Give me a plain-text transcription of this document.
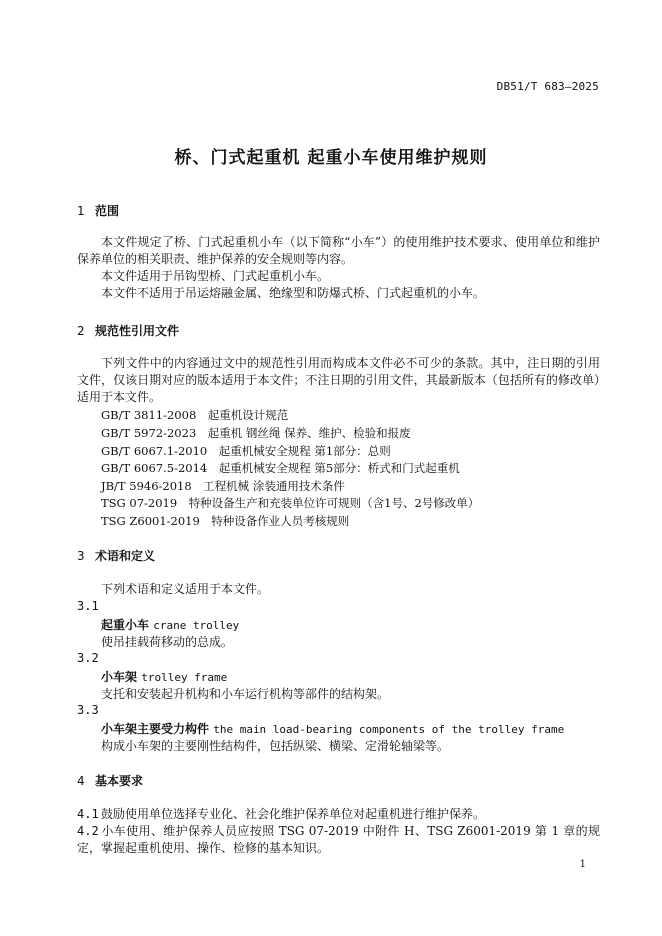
DB51/T 683—2025
桥、门式起重机 起重小车使用维护规则
1 范围

本文件规定了桥、门式起重机小车（以下简称“小车”）的使用维护技术要求、使用单位和维护保养单位的相关职责、维护保养的安全规则等内容。

本文件适用于吊钩型桥、门式起重机小车。

本文件不适用于吊运熔融金属、绝缘型和防爆式桥、门式起重机的小车。

2 规范性引用文件

下列文件中的内容通过文中的规范性引用而构成本文件必不可少的条款。其中，注日期的引用文件，仅该日期对应的版本适用于本文件；不注日期的引用文件，其最新版本（包括所有的修改单）适用于本文件。

GB/T 3811-2008　起重机设计规范
GB/T 5972-2023　起重机 钢丝绳 保养、维护、检验和报废
GB/T 6067.1-2010　起重机械安全规程 第1部分：总则
GB/T 6067.5-2014　起重机械安全规程 第5部分：桥式和门式起重机
JB/T 5946-2018　工程机械 涂装通用技术条件
TSG 07-2019　特种设备生产和充装单位许可规则（含1号、2号修改单）
TSG Z6001-2019　特种设备作业人员考核规则
3 术语和定义
下列术语和定义适用于本文件。
3.1
起重小车 crane trolley
使吊挂载荷移动的总成。
3.2
小车架 trolley frame
支托和安装起升机构和小车运行机构等部件的结构架。
3.3
小车架主要受力构件 the main load-bearing components of the trolley frame
构成小车架的主要刚性结构件，包括纵梁、横梁、定滑轮轴梁等。
4 基本要求

4.1 鼓励使用单位选择专业化、社会化维护保养单位对起重机进行维护保养。

4.2 小车使用、维护保养人员应按照 TSG 07-2019 中附件 H、TSG Z6001-2019 第 1 章的规定，掌握起重机使用、操作、检修的基本知识。

1
